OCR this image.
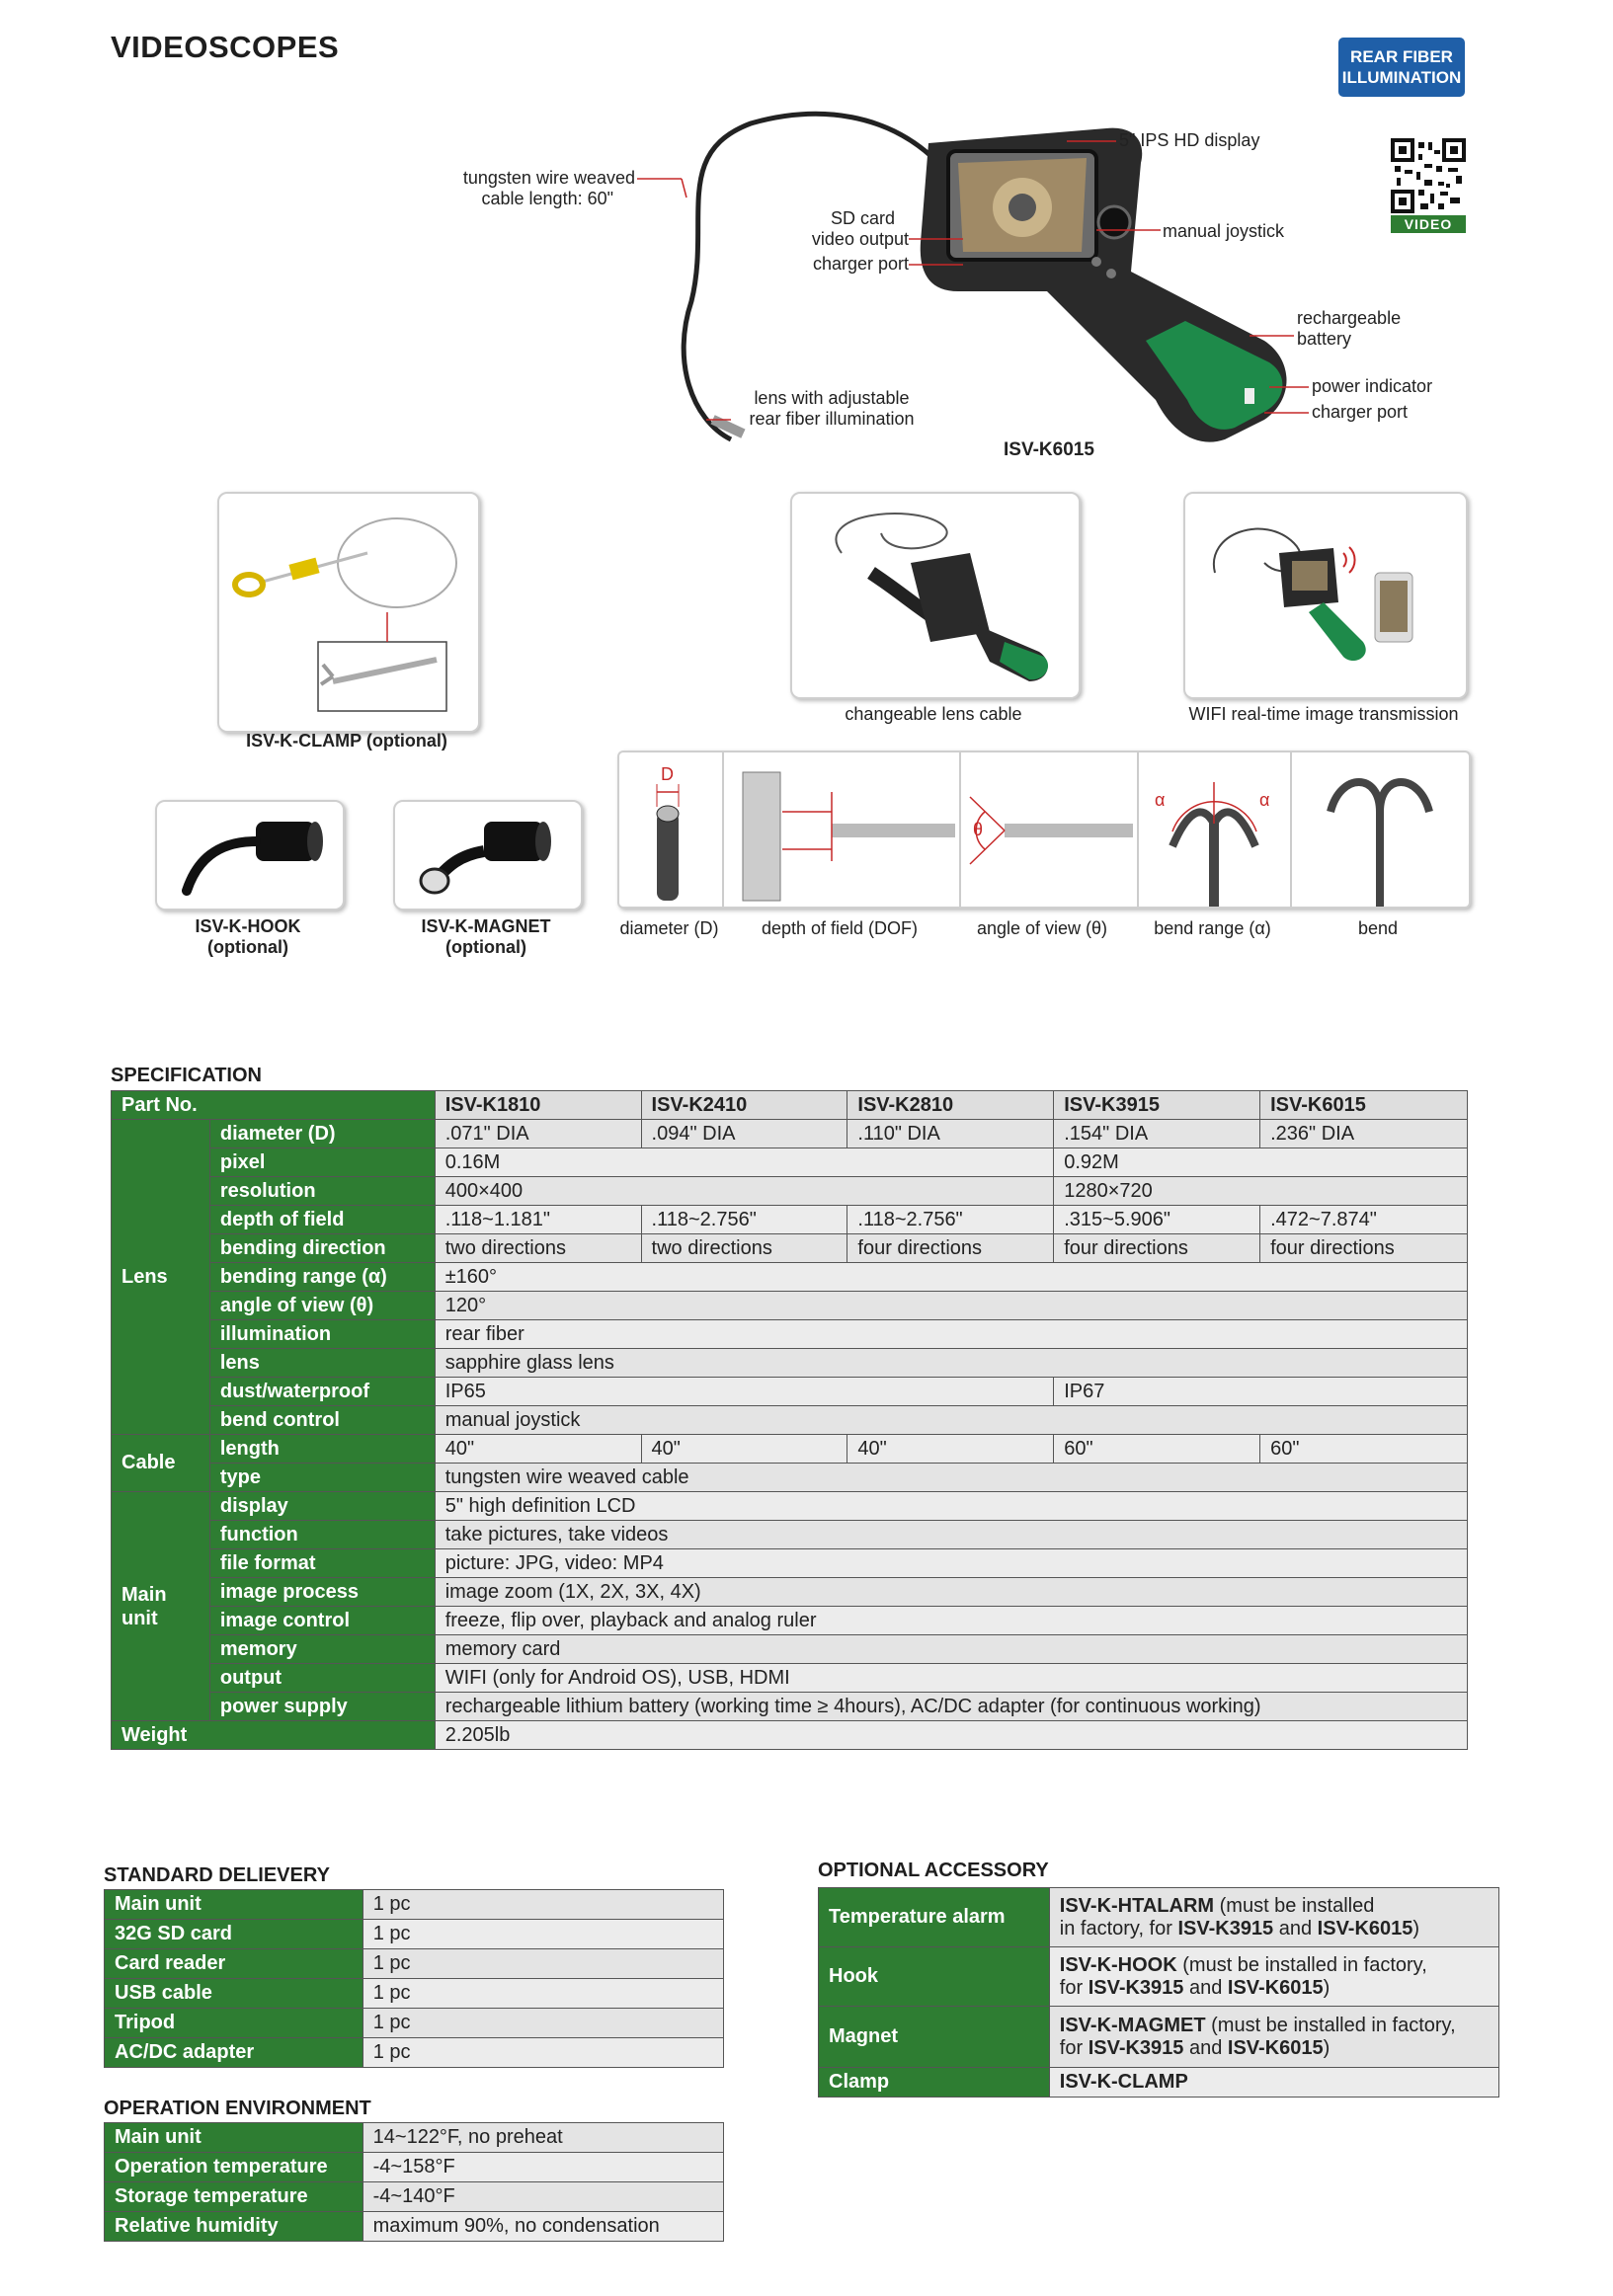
VIDEOSCOPES	REAR FIBER
ILLUMINATION
VIDEO
tungsten wire weaved
cable length: 60"
5" IPS HD display
SD card
video output
charger port
manual joystick
rechargeable
battery
power indicator
charger port
lens with adjustable
rear fiber illumination
ISV-K6015
ISV-K-CLAMP (optional)
changeable lens cable	WIFI real-time image transmission
ISV-K-HOOK
(optional)
ISV-K-MAGNET
(optional)
D
θ
α	α
diameter (D)	depth of field (DOF)	angle of view (θ)	bend range (α)	bend
SPECIFICATION
Part No.		ISV-K1810	ISV-K2410	ISV-K2810	ISV-K3915	ISV-K6015
Lens	diameter (D)	.071" DIA	.094" DIA	.110" DIA	.154" DIA	.236" DIA
	pixel	0.16M			0.92M	
	resolution	400×400			1280×720	
	depth of field	.118~1.181"	.118~2.756"	.118~2.756"	.315~5.906"	.472~7.874"
	bending direction	two directions	two directions	four directions	four directions	four directions
	bending range (α)	±160°				
	angle of view (θ)	120°				
	illumination	rear fiber				
	lens	sapphire glass lens				
	dust/waterproof	IP65			IP67	
	bend control	manual joystick				
Cable	length	40"	40"	40"	60"	60"
	type	tungsten wire weaved cable				

Main
unit	display	5" high definition LCD				
	function	take pictures, take videos				
	file format	picture: JPG, video: MP4				
	image process	image zoom (1X, 2X, 3X, 4X)				
	image control	freeze, flip over, playback and analog ruler				
	memory	memory card				
	output	WIFI (only for Android OS), USB, HDMI				
	power supply	rechargeable lithium battery (working time ≥ 4hours), AC/DC adapter (for continuous working)				
Weight		2.205lb				
STANDARD DELIEVERY
Main unit	1 pc
32G SD card	1 pc
Card reader	1 pc
USB cable	1 pc
Tripod	1 pc
AC/DC adapter	1 pc
OPERATION ENVIRONMENT
Main unit	14~122°F, no preheat
Operation temperature	-4~158°F
Storage temperature	-4~140°F
Relative humidity	maximum 90%, no condensation
OPTIONAL ACCESSORY
Temperature alarm	ISV-K-HTALARM (must be installed
in factory, for ISV-K3915 and ISV-K6015)
Hook	ISV-K-HOOK (must be installed in factory,
for ISV-K3915 and ISV-K6015)
Magnet	ISV-K-MAGMET (must be installed in factory,
for ISV-K3915 and ISV-K6015)
Clamp	ISV-K-CLAMP
